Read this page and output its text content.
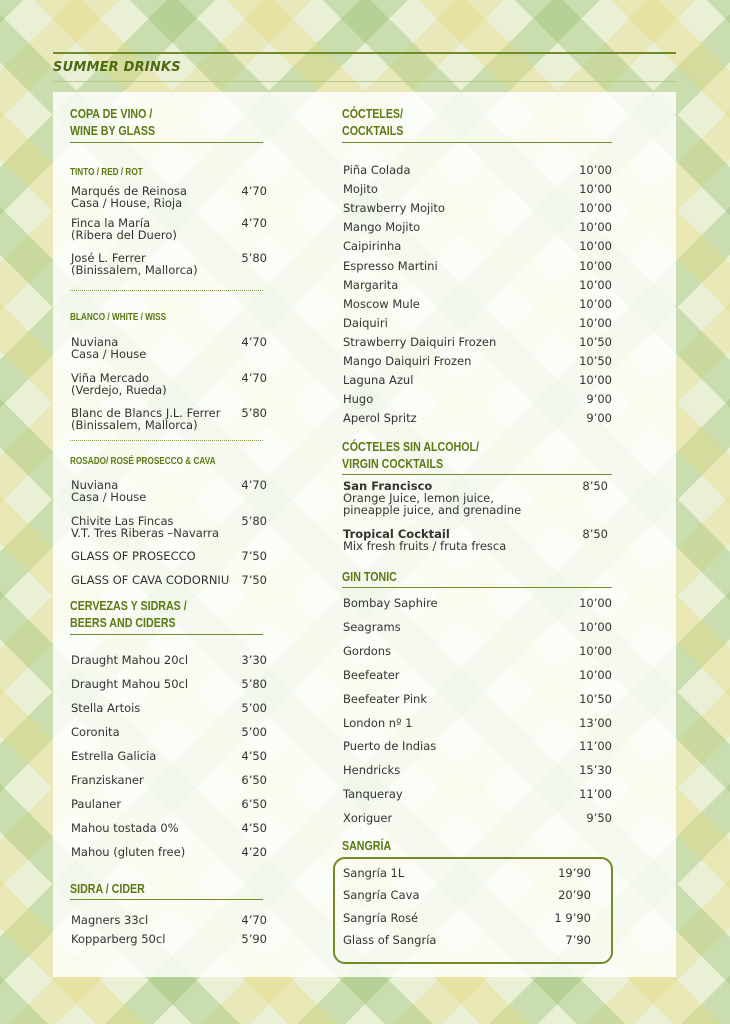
SUMMER DRINKS
COPA DE VINO /
WINE BY GLASS
TINTO / RED / ROT
Marqués de Reinosa
Casa / House, Rioja
4’70
Finca la María
(Ribera del Duero)
4’70
José L. Ferrer
(Binissalem, Mallorca)
5’80
BLANCO / WHITE / WISS
Nuviana
Casa / House
4’70
Viña Mercado
(Verdejo, Rueda)
4’70
Blanc de Blancs J.L. Ferrer
(Binissalem, Mallorca)
5’80
ROSADO/ ROSÉ PROSECCO & CAVA
Nuviana
Casa / House
4’70
Chivite Las Fincas
V.T. Tres Riberas –Navarra
5’80
GLASS OF PROSECCO	7’50
GLASS OF CAVA CODORNIU	7’50
CERVEZAS Y SIDRAS /
BEERS AND CIDERS
Draught Mahou 20cl	3’30
Draught Mahou 50cl	5’80
Stella Artois	5’00
Coronita	5’00
Estrella Galicia	4’50
Franziskaner	6’50
Paulaner	6’50
Mahou tostada 0%	4’50
Mahou (gluten free)	4’20
SIDRA / CIDER
Magners 33cl	4’70
Kopparberg 50cl	5’90
CÓCTELES/
COCKTAILS
Piña Colada	10’00
Mojito	10’00
Strawberry Mojito	10’00
Mango Mojito	10’00
Caipirinha	10’00
Espresso Martini	10’00
Margarita	10’00
Moscow Mule	10’00
Daiquiri	10’00
Strawberry Daiquiri Frozen	10’50
Mango Daiquiri Frozen	10’50
Laguna Azul	10’00
Hugo	9’00
Aperol Spritz	9’00
CÓCTELES SIN ALCOHOL/
VIRGIN COCKTAILS
San Francisco
Orange Juice, lemon juice,
pineapple juice, and grenadine
8’50
Tropical Cocktail
Mix fresh fruits / fruta fresca
8’50
GIN TONIC
Bombay Saphire	10’00
Seagrams	10’00
Gordons	10’00
Beefeater	10’00
Beefeater Pink	10’50
London nº 1	13’00
Puerto de Indias	11’00
Hendricks	15’30
Tanqueray	11’00
Xoriguer	9’50
SANGRÍA
Sangría 1L	19’90
Sangría Cava	20’90
Sangría Rosé	1 9’90
Glass of Sangría	7’90
